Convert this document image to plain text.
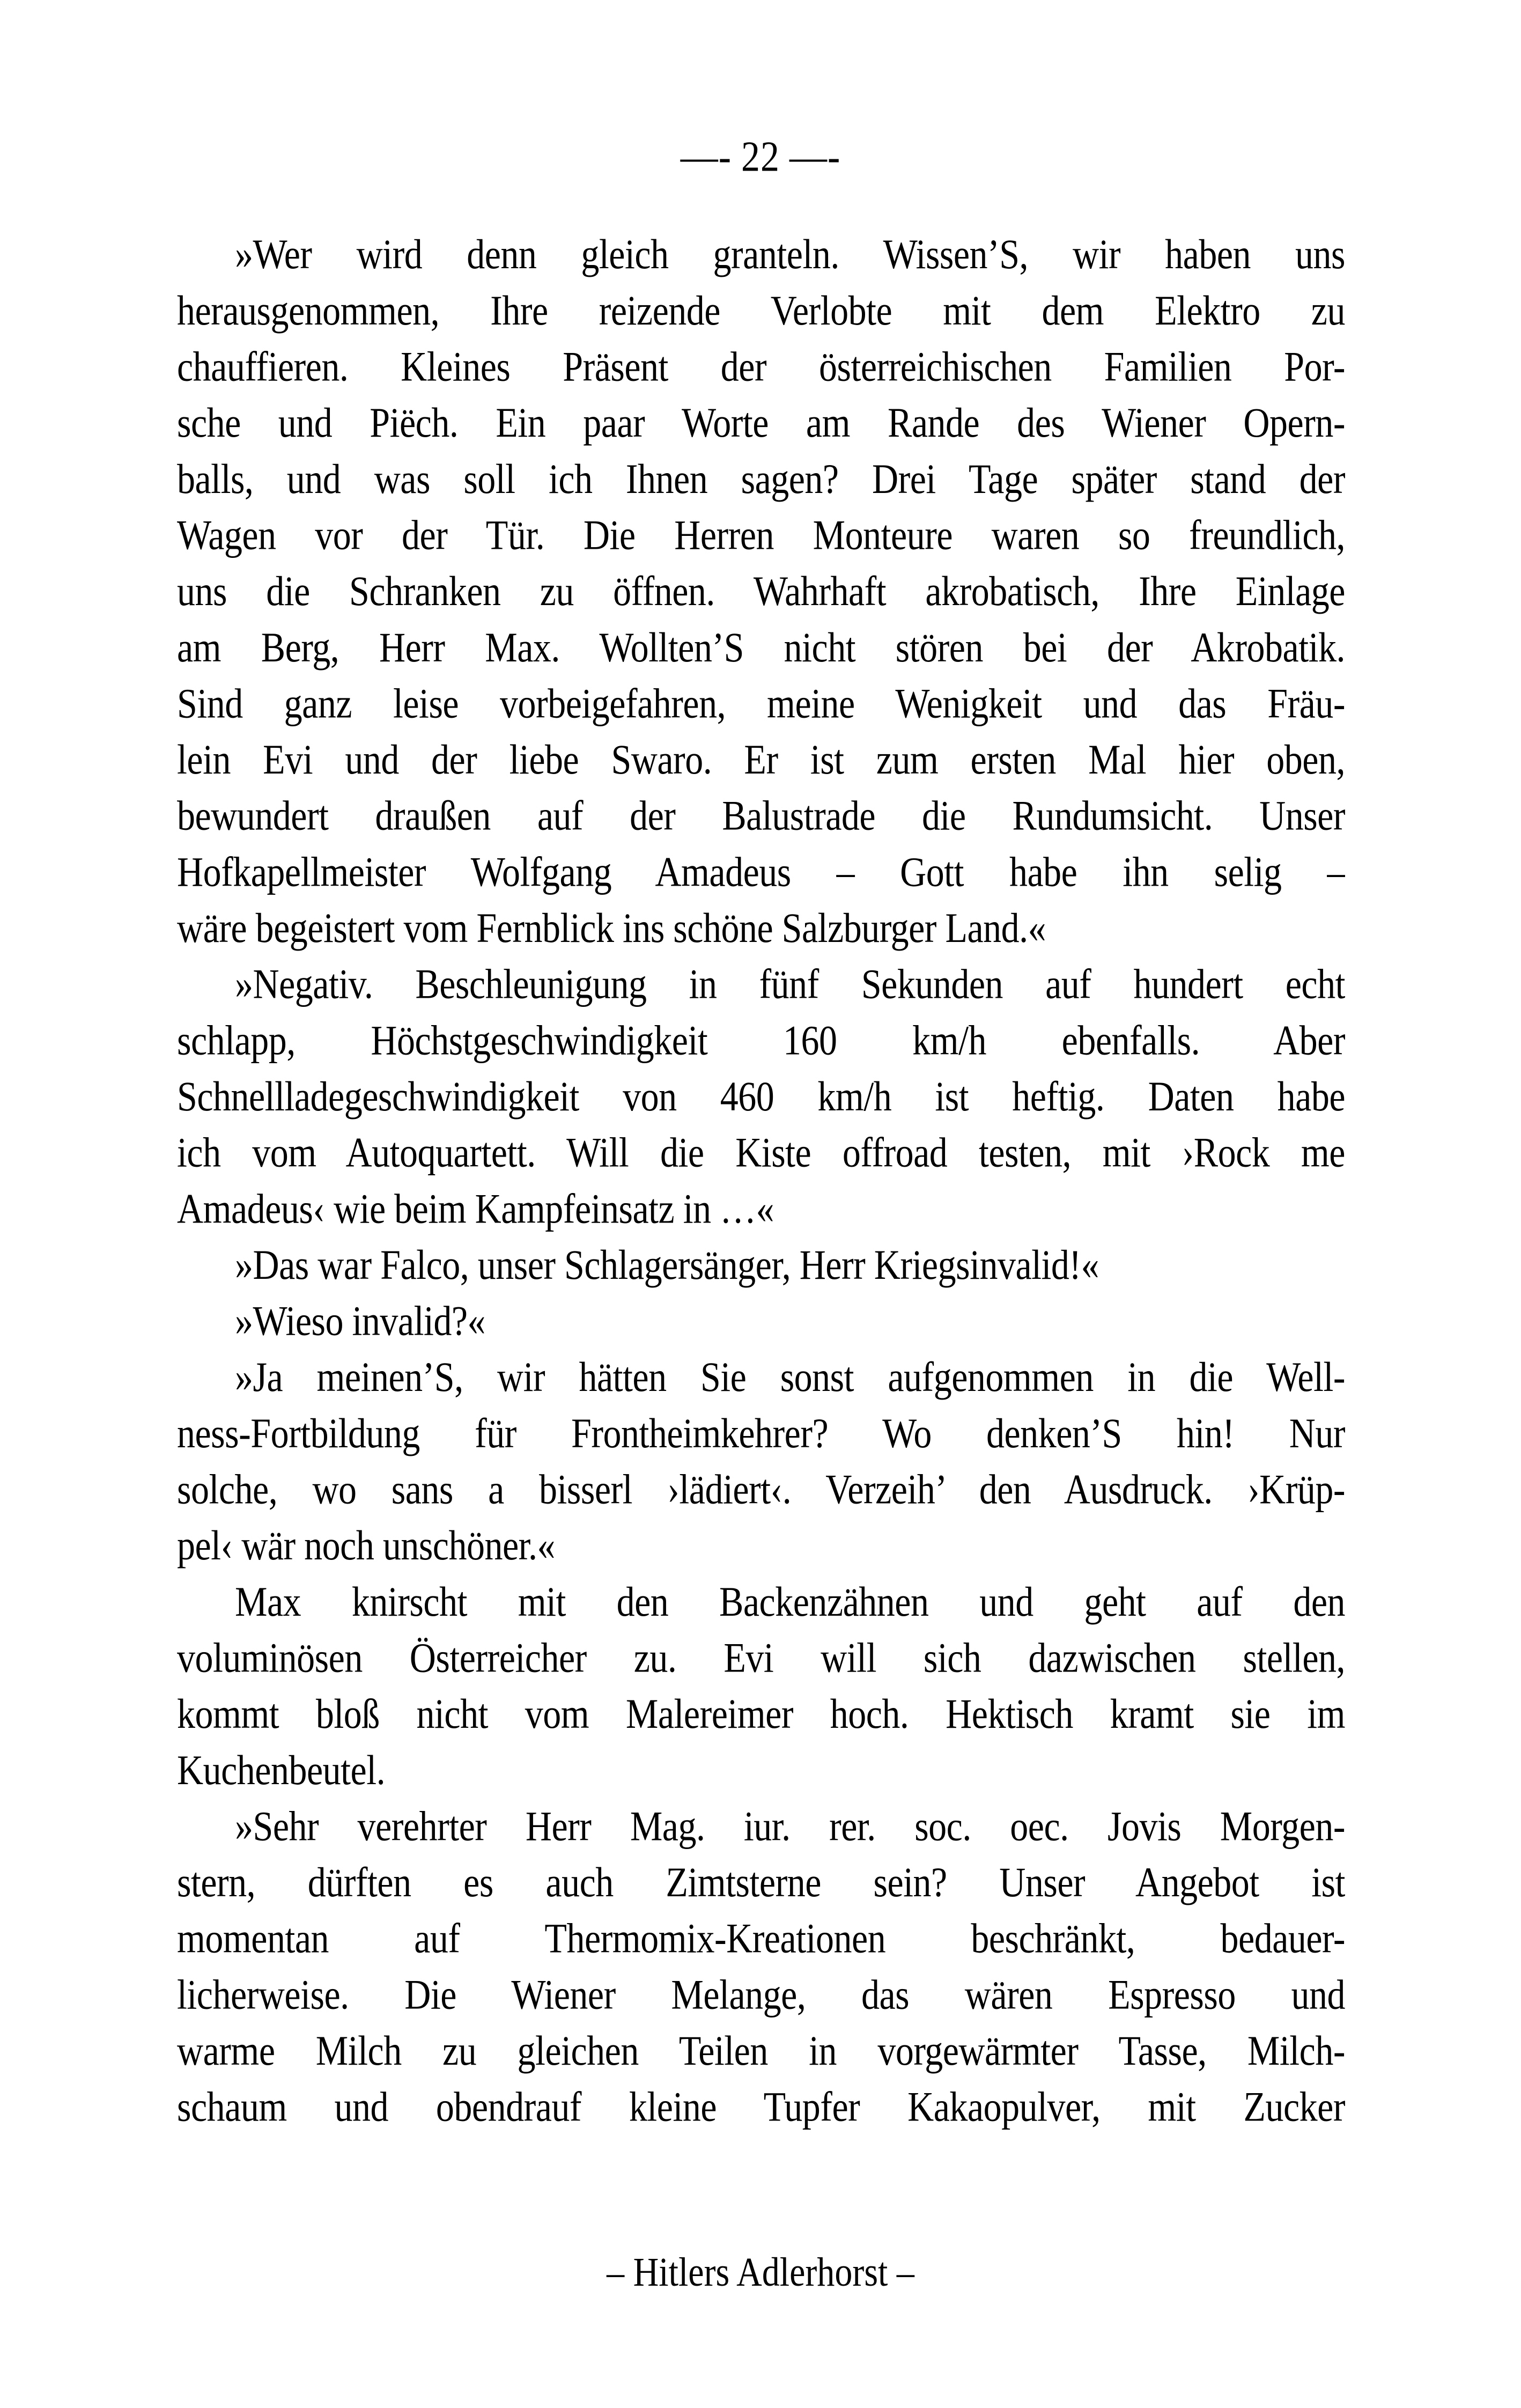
—- 22 —-
»Wer wird denn gleich granteln. Wissen’S, wir haben uns
herausgenommen, Ihre reizende Verlobte mit dem Elektro zu
chauffieren. Kleines Präsent der österreichischen Familien Por-
sche und Piëch. Ein paar Worte am Rande des Wiener Opern-
balls, und was soll ich Ihnen sagen? Drei Tage später stand der
Wagen vor der Tür. Die Herren Monteure waren so freundlich,
uns die Schranken zu öffnen. Wahrhaft akrobatisch, Ihre Einlage
am Berg, Herr Max. Wollten’S nicht stören bei der Akrobatik.
Sind ganz leise vorbeigefahren, meine Wenigkeit und das Fräu-
lein Evi und der liebe Swaro. Er ist zum ersten Mal hier oben,
bewundert draußen auf der Balustrade die Rundumsicht. Unser
Hofkapellmeister Wolfgang Amadeus – Gott habe ihn selig –
wäre begeistert vom Fernblick ins schöne Salzburger Land.«
»Negativ. Beschleunigung in fünf Sekunden auf hundert echt
schlapp, Höchstgeschwindigkeit 160 km/h ebenfalls. Aber
Schnellladegeschwindigkeit von 460 km/h ist heftig. Daten habe
ich vom Autoquartett. Will die Kiste offroad testen, mit ›Rock me
Amadeus‹ wie beim Kampfeinsatz in …«
»Das war Falco, unser Schlagersänger, Herr Kriegsinvalid!«
»Wieso invalid?«
»Ja meinen’S, wir hätten Sie sonst aufgenommen in die Well-
ness-Fortbildung für Frontheimkehrer? Wo denken’S hin! Nur
solche, wo sans a bisserl ›lädiert‹. Verzeih’ den Ausdruck. ›Krüp-
pel‹ wär noch unschöner.«
Max knirscht mit den Backenzähnen und geht auf den
voluminösen Österreicher zu. Evi will sich dazwischen stellen,
kommt bloß nicht vom Malereimer hoch. Hektisch kramt sie im
Kuchenbeutel.
»Sehr verehrter Herr Mag. iur. rer. soc. oec. Jovis Morgen-
stern, dürften es auch Zimtsterne sein? Unser Angebot ist
momentan auf Thermomix-Kreationen beschränkt, bedauer-
licherweise. Die Wiener Melange, das wären Espresso und
warme Milch zu gleichen Teilen in vorgewärmter Tasse, Milch-
schaum und obendrauf kleine Tupfer Kakaopulver, mit Zucker
– Hitlers Adlerhorst –
